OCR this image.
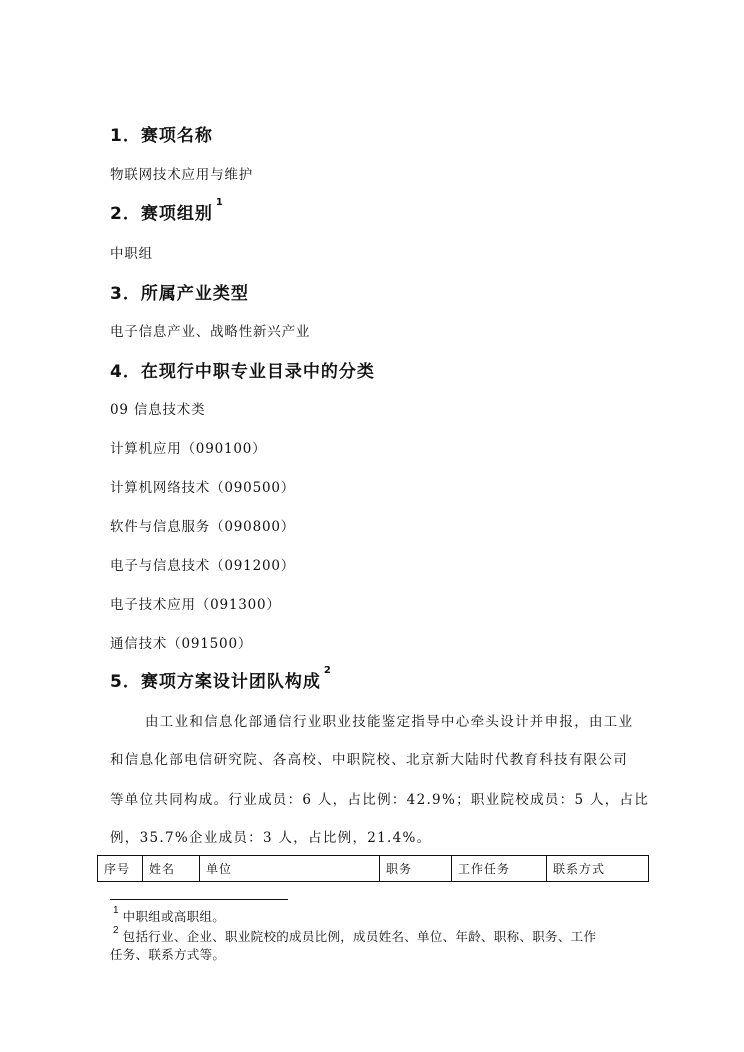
1．赛项名称
物联网技术应用与维护
2．赛项组别$^1$
中职组
3．所属产业类型
电子信息产业、战略性新兴产业
4．在现行中职专业目录中的分类
09 信息技术类
计算机应用（090100）
计算机网络技术（090500）
软件与信息服务（090800）
电子与信息技术（091200）
电子技术应用（091300）
通信技术（091500）
5．赛项方案设计团队构成$^2$
由工业和信息化部通信行业职业技能鉴定指导中心牵头设计并申报，由工业
和信息化部电信研究院、各高校、中职院校、北京新大陆时代教育科技有限公司
等单位共同构成。行业成员：6 人，占比例：42.9%；职业院校成员：5 人，占比
例，35.7%企业成员：3 人，占比例，21.4%。
序号	姓名	单位	职务	工作任务	联系方式
$^1$ 中职组或高职组。
$^2$ 包括行业、企业、职业院校的成员比例，成员姓名、单位、年龄、职称、职务、工作
任务、联系方式等。
